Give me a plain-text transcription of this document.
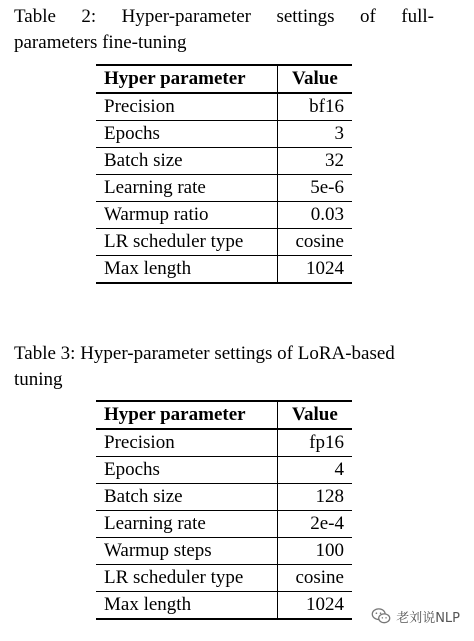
Table 2: Hyper-parameter settings of full-
parameters fine-tuning
Hyper parameter	Value
Precision	bf16
Epochs	3
Batch size	32
Learning rate	5e-6
Warmup ratio	0.03
LR scheduler type	cosine
Max length	1024
Table 3: Hyper-parameter settings of LoRA-based
tuning
Hyper parameter	Value
Precision	fp16
Epochs	4
Batch size	128
Learning rate	2e-4
Warmup steps	100
LR scheduler type	cosine
Max length	1024
老刘说NLP
